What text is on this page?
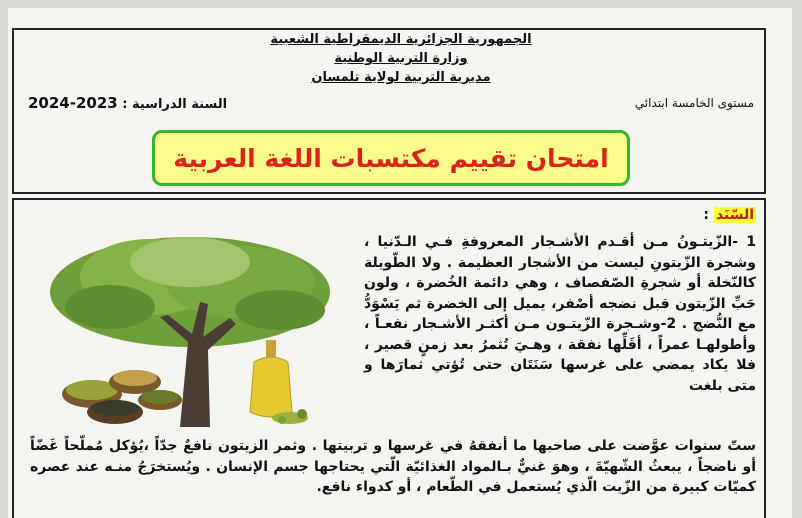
الجمهورية الجزائرية الديمقراطية الشعبية
وزارة التربية الوطنية
مديرية التربية لولاية تلمسان
مستوى الخامسة ابتدائي
السنة الدراسية : 2024-2023
امتحان تقييم مكتسبات اللغة العربية
السّنَد :

1 -الزّيتـونُ مـن أقـدم الأشـجار المعروفةِ فـي الـدّنيا ، وشجرة الزّيتونِ ليست من الأشجار العظيمة . ولا الطّويلة كالنّخلة أو شجرةِ الصّفصاف ، وهي دائمة الخُضرة ، ولون حَبِّ الزّيتون قبل نضجه أصْفر، يميل إلى الخضرة ثم يَسْوَدُّ مع النُّضج . 2-وشـجرة الزّيتـون مـن أكثـر الأشـجار نفعـاً ، وأطولهـا عمراً ، أقَلِّها نفقة ، وهـيَ تُثمرُ بعد زمنٍ قصير ، فلا يكاد يمضي على غرسها سَنَتَان حتى تُؤتي ثمارَها و متى بلغت

ستّ سنوات عوَّضت على صاحبها ما أنفقهُ في غرسها و تربيتها . وثمر الزيتون نافعٌ جدّاً ،يُؤكل مُملّحاً غَضّاً أو ناضجاً ، يبعثُ الشّهيّةَ ، وهوَ غنيٌّ بـالمواد الغذائيّة الّتي يحتاجها جسم الإنسان . ويُستخرَجُ منـه عند عصره كميّات كبيرة من الزّيت الّذي يُستعمل في الطّعام ، أو كدواء نافع.
